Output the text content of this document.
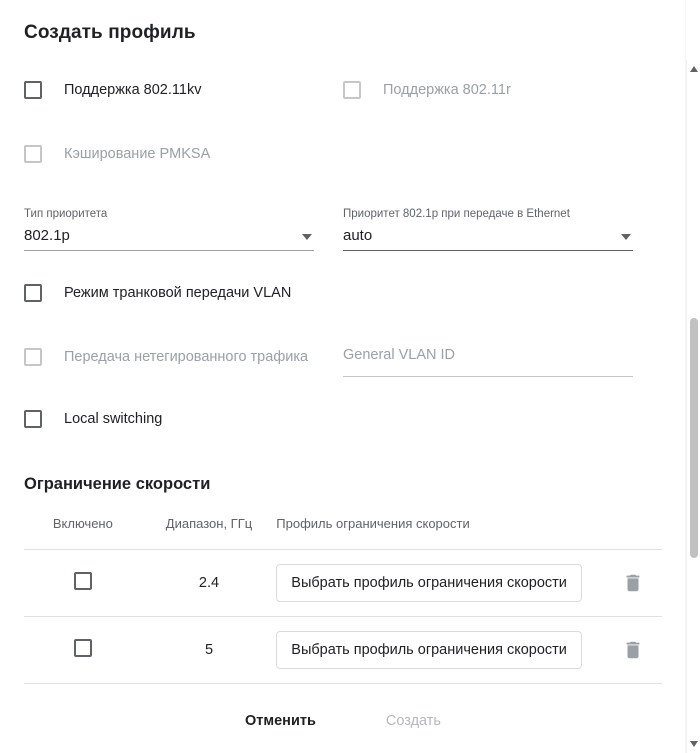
Создать профиль
Поддержка 802.11kv	Поддержка 802.11r
Кэширование PMKSA
Тип приоритета
802.1p
Приоритет 802.1p при передаче в Ethernet
auto
Режим транковой передачи VLAN
Передача нетегированного трафика General VLAN ID
Local switching
Ограничение скорости
Включено	Диапазон, ГГц	Профиль ограничения скорости	
	2.4	Выбрать профиль ограничения скорости	
	5	Выбрать профиль ограничения скорости	
Отменить	Создать
